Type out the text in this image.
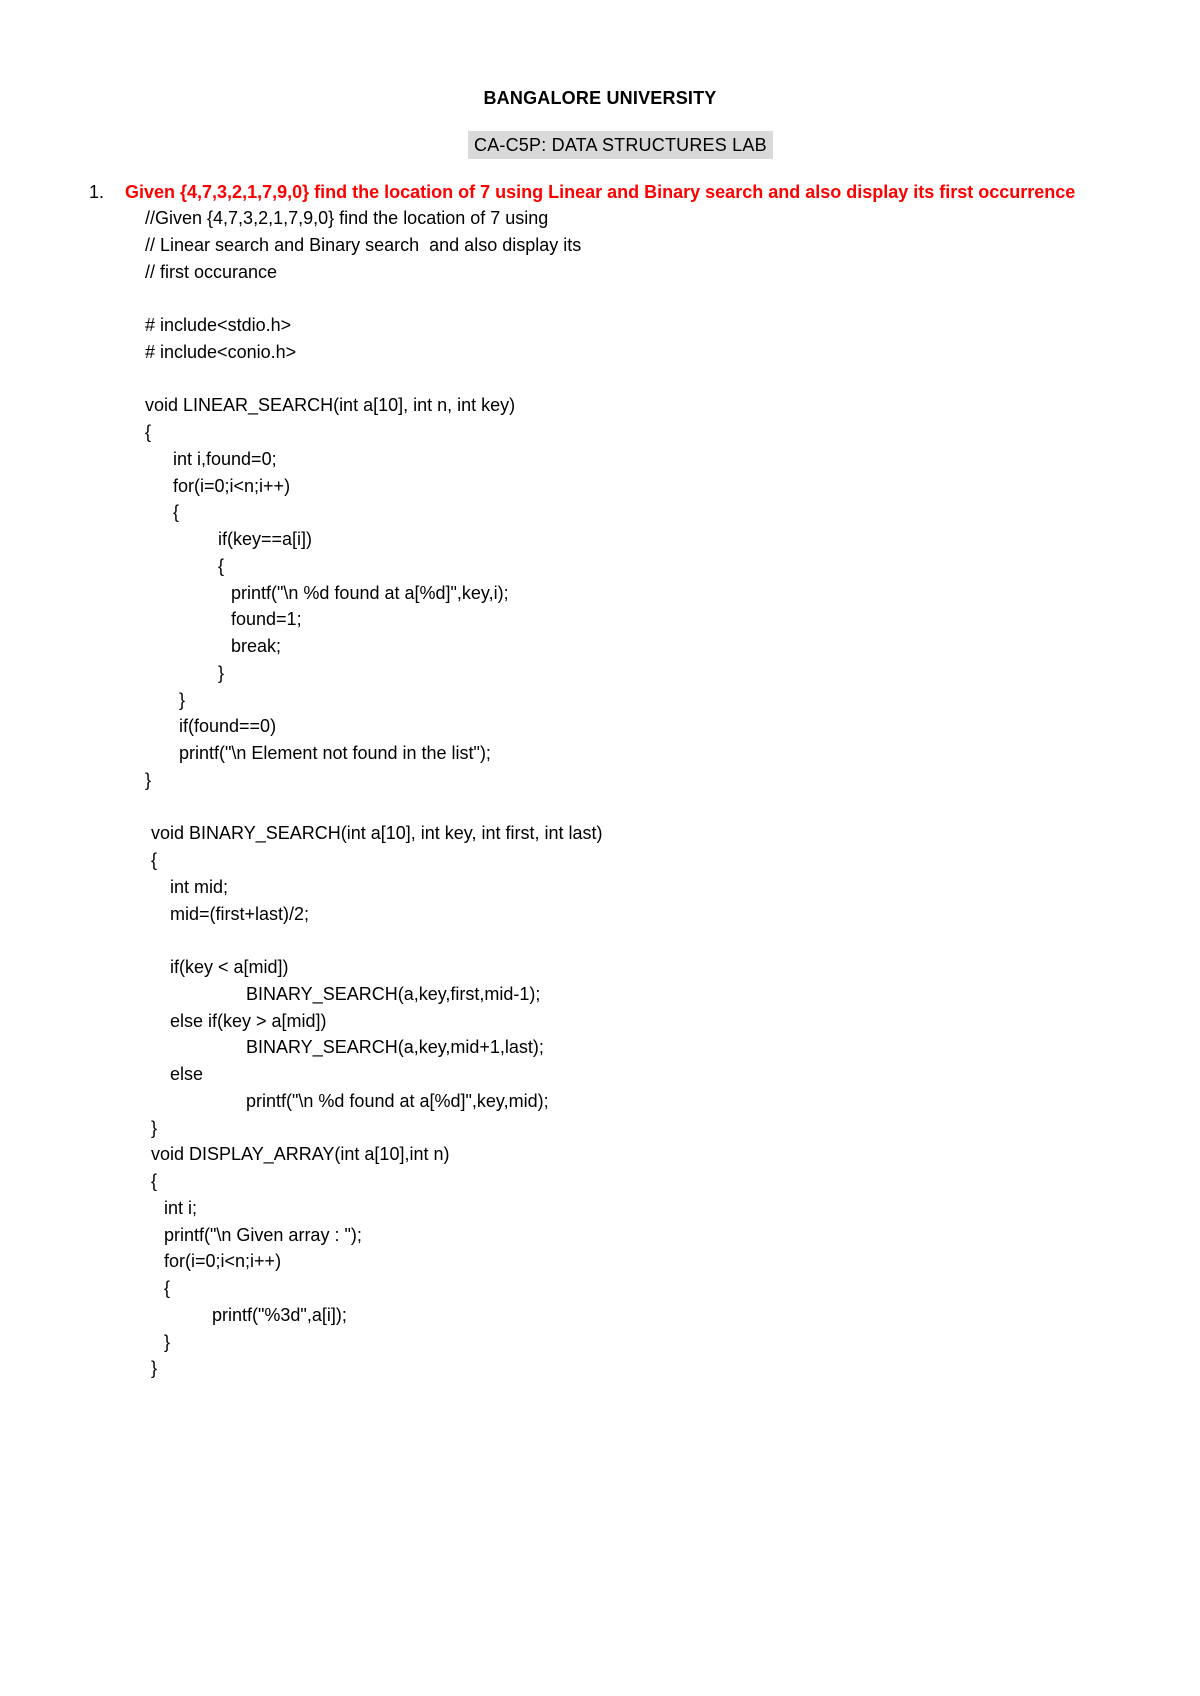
BANGALORE UNIVERSITY
CA-C5P: DATA STRUCTURES LAB
1. Given {4,7,3,2,1,7,9,0} find the location of 7 using Linear and Binary search and also display its first occurrence
//Given {4,7,3,2,1,7,9,0} find the location of 7 using
// Linear search and Binary search  and also display its
// first occurance
# include<stdio.h>
# include<conio.h>
void LINEAR_SEARCH(int a[10], int n, int key)
{
int i,found=0;
for(i=0;i<n;i++)
{
if(key==a[i])
{
printf("\n %d found at a[%d]",key,i);
found=1;
break;
}
}
if(found==0)
printf("\n Element not found in the list");
}
void BINARY_SEARCH(int a[10], int key, int first, int last)
{
int mid;
mid=(first+last)/2;
if(key < a[mid])
BINARY_SEARCH(a,key,first,mid-1);
else if(key > a[mid])
BINARY_SEARCH(a,key,mid+1,last);
else
printf("\n %d found at a[%d]",key,mid);
}
void DISPLAY_ARRAY(int a[10],int n)
{
int i;
printf("\n Given array : ");
for(i=0;i<n;i++)
{
printf("%3d",a[i]);
}
}
